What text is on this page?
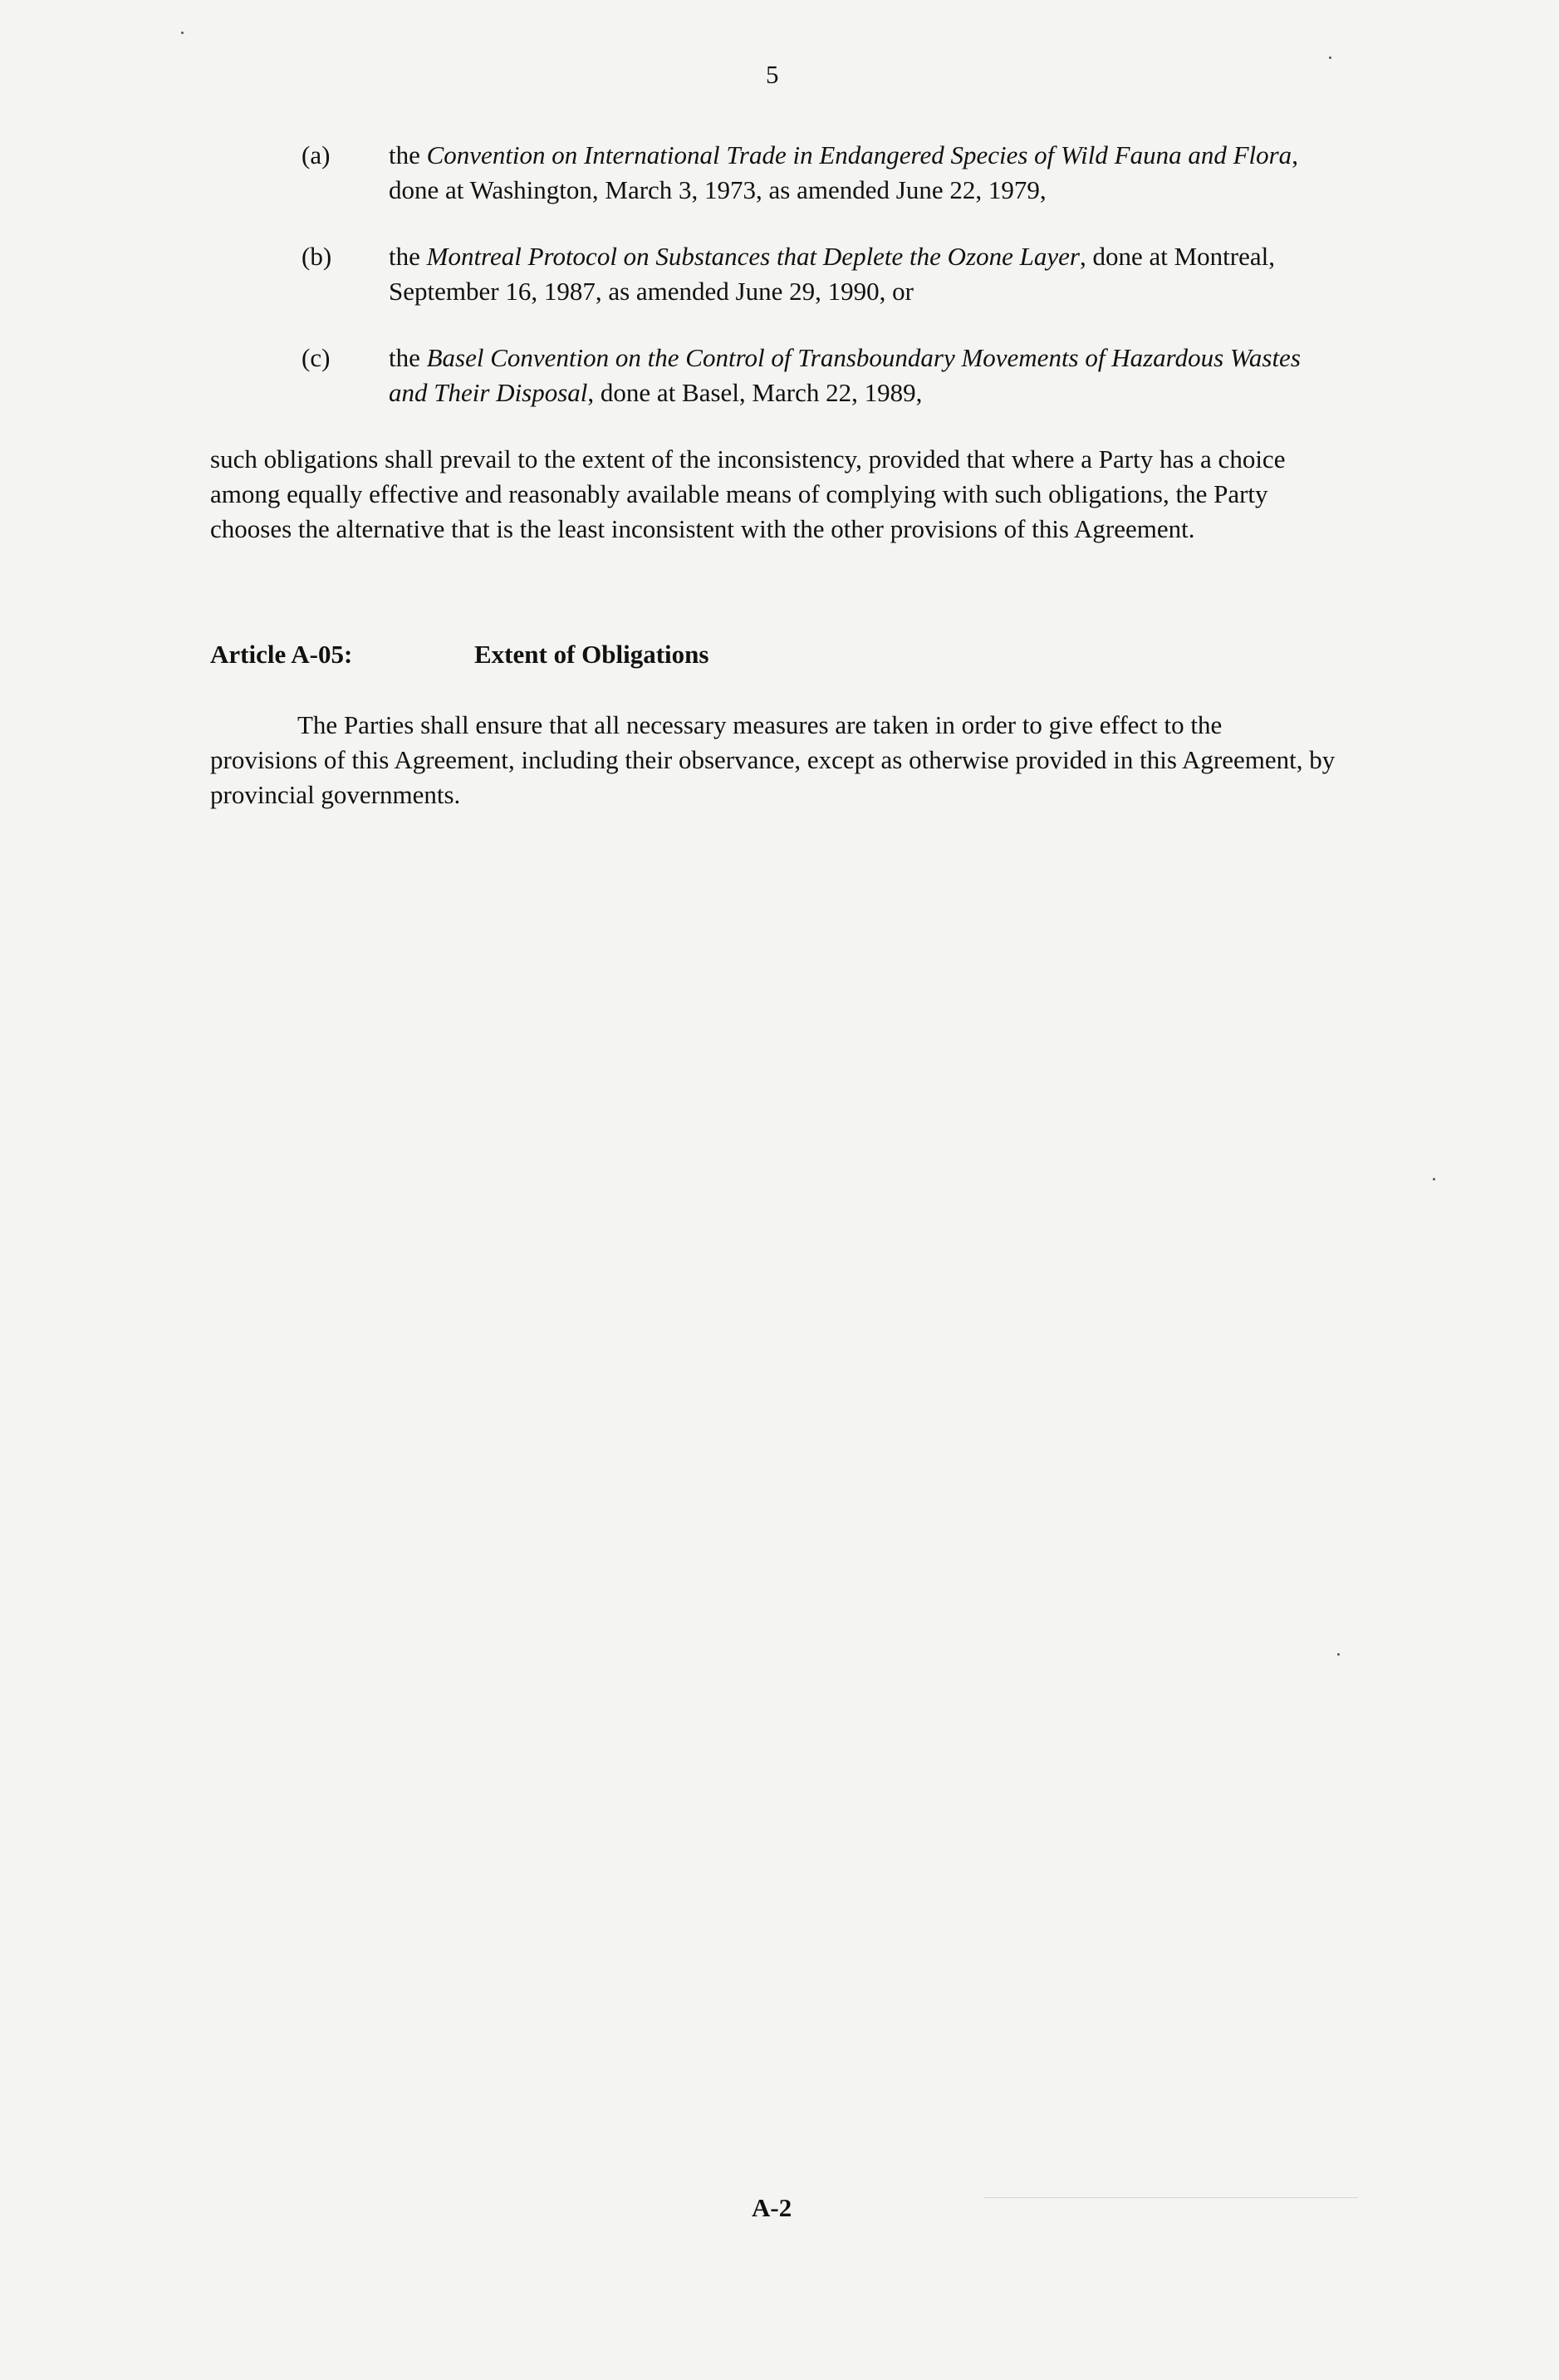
5
(a) the Convention on International Trade in Endangered Species of Wild Fauna and Flora, done at Washington, March 3, 1973, as amended June 22, 1979,
(b) the Montreal Protocol on Substances that Deplete the Ozone Layer, done at Montreal, September 16, 1987, as amended June 29, 1990, or
(c) the Basel Convention on the Control of Transboundary Movements of Hazardous Wastes and Their Disposal, done at Basel, March 22, 1989,
such obligations shall prevail to the extent of the inconsistency, provided that where a Party has a choice among equally effective and reasonably available means of complying with such obligations, the Party chooses the alternative that is the least inconsistent with the other provisions of this Agreement.
Article A-05:	Extent of Obligations
The Parties shall ensure that all necessary measures are taken in order to give effect to the provisions of this Agreement, including their observance, except as otherwise provided in this Agreement, by provincial governments.
A-2
